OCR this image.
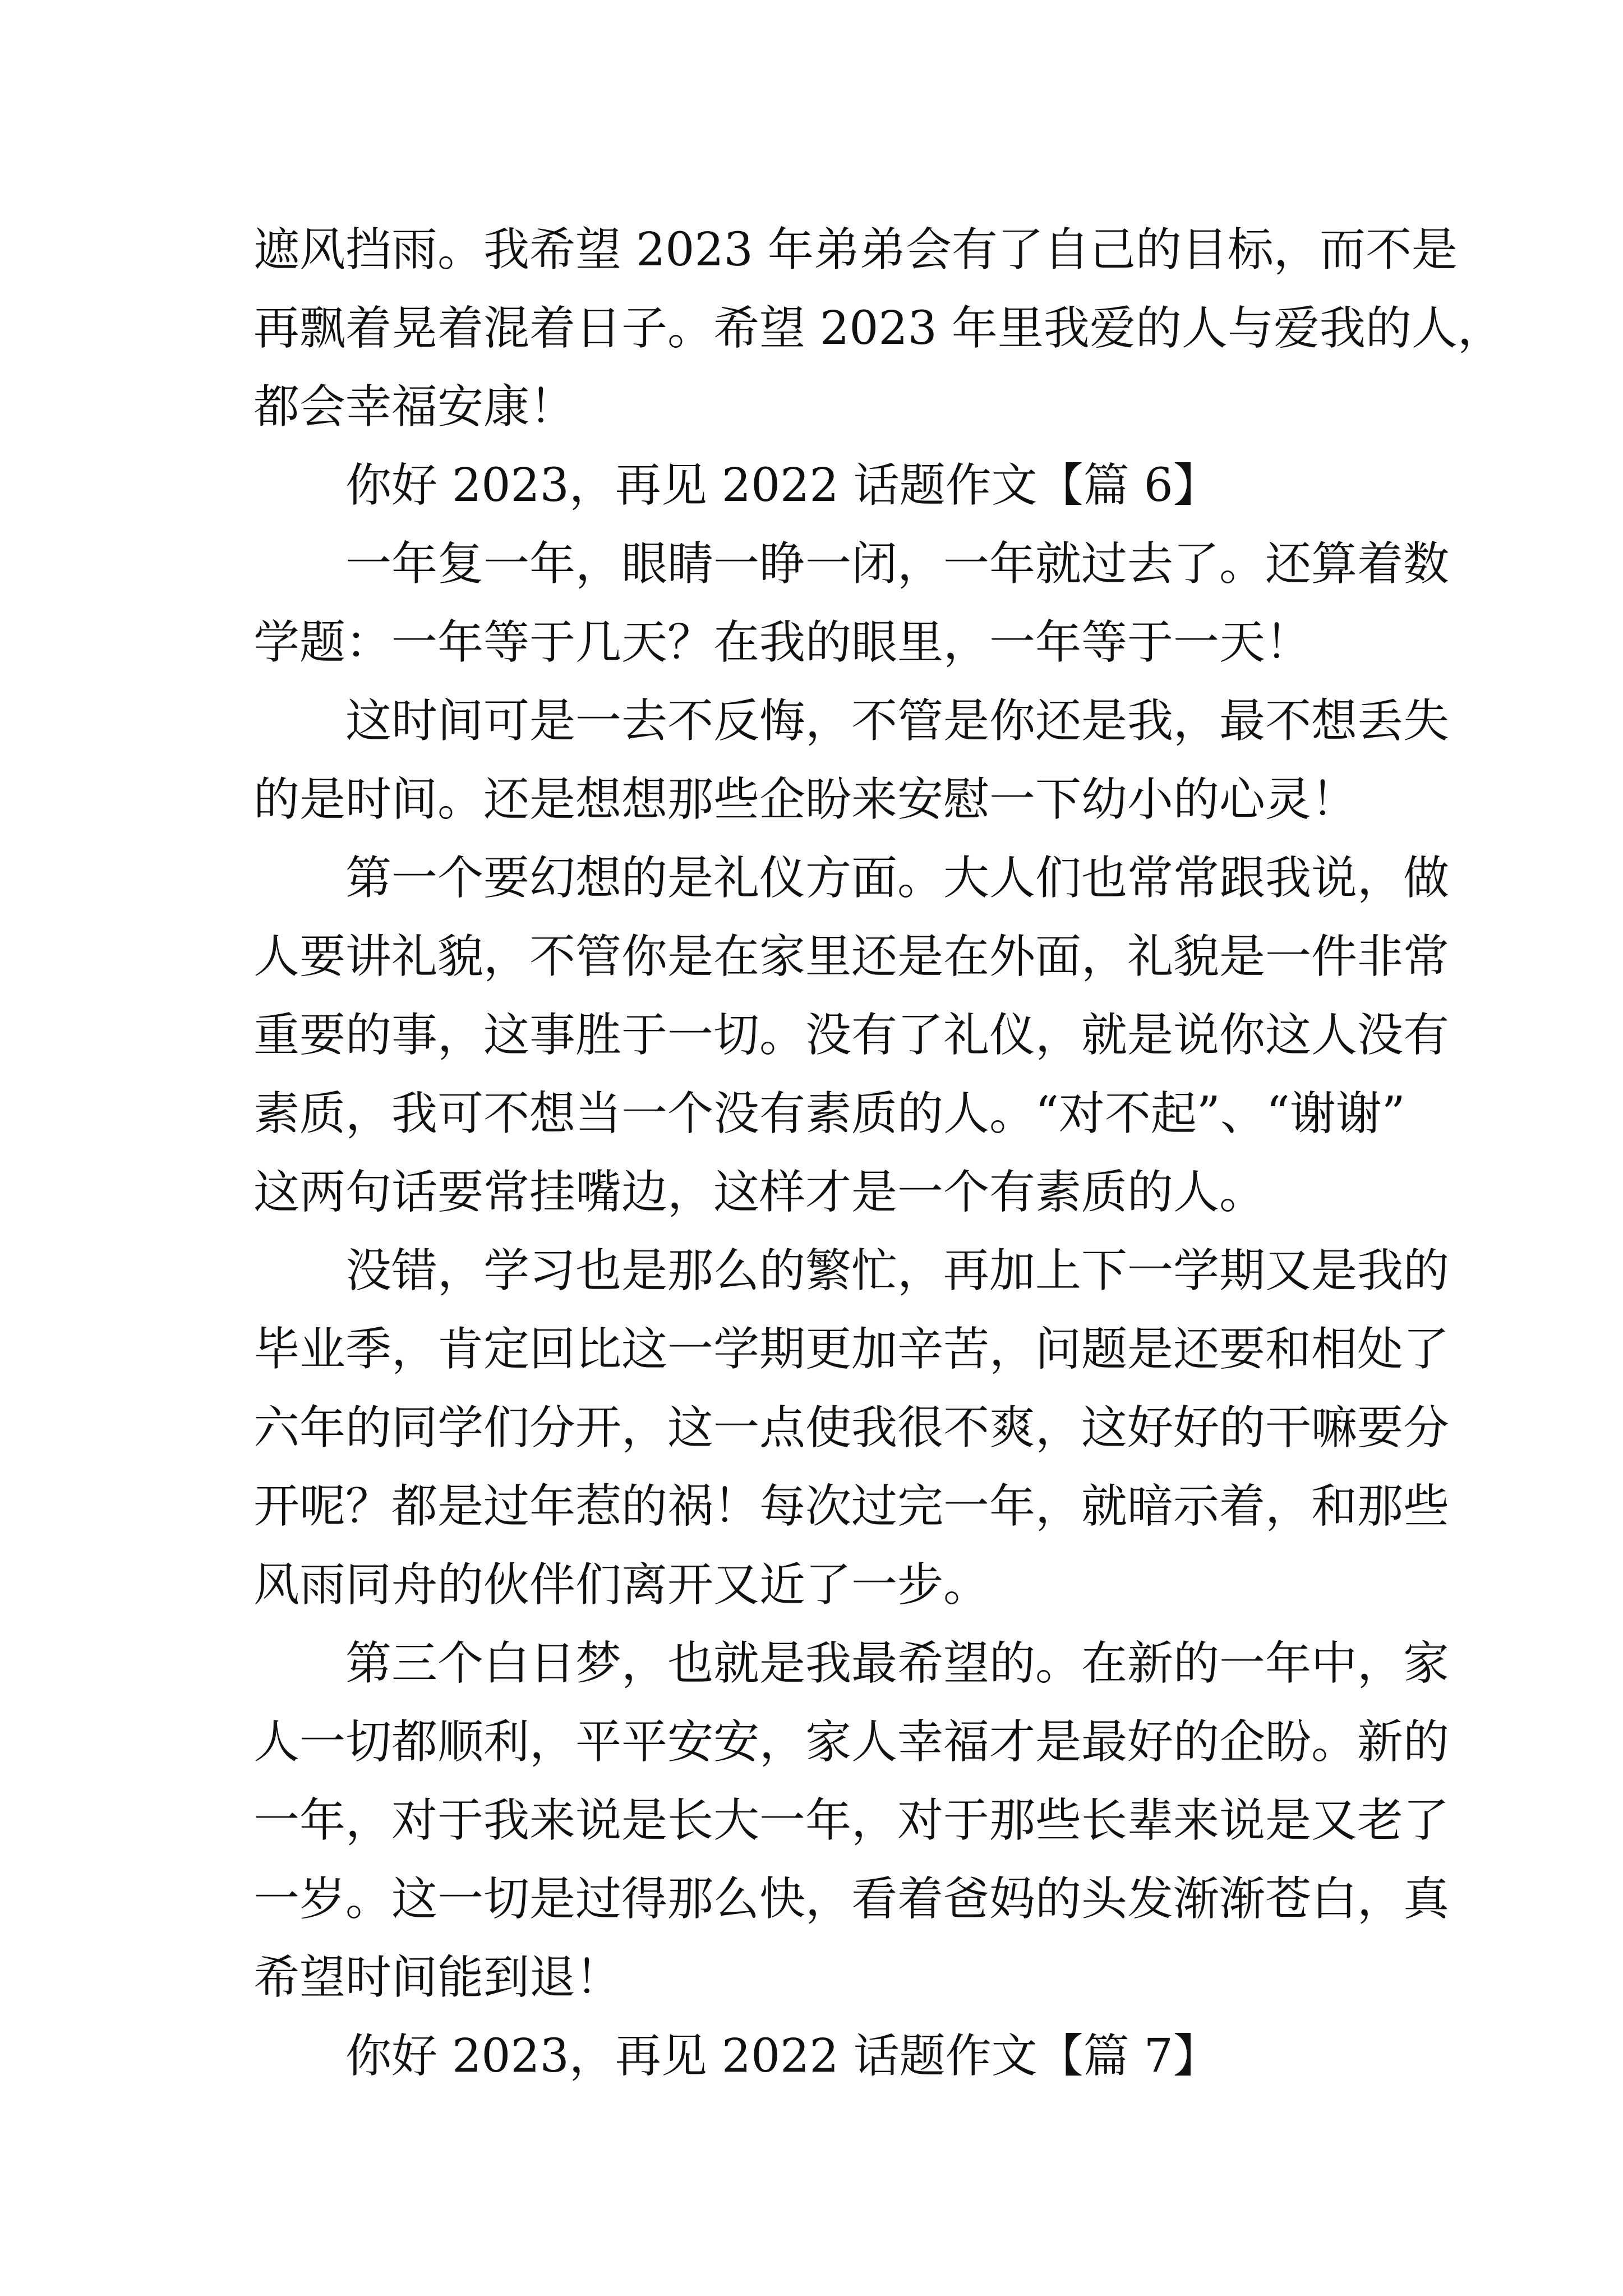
遮风挡雨。我希望 2023 年弟弟会有了自己的目标，而不是
再飘着晃着混着日子。希望 2023 年里我爱的人与爱我的人，
都会幸福安康！
你好 2023，再见 2022 话题作文【篇 6】
一年复一年，眼睛一睁一闭，一年就过去了。还算着数
学题：一年等于几天？在我的眼里，一年等于一天！
这时间可是一去不反悔，不管是你还是我，最不想丢失
的是时间。还是想想那些企盼来安慰一下幼小的心灵！
第一个要幻想的是礼仪方面。大人们也常常跟我说，做
人要讲礼貌，不管你是在家里还是在外面，礼貌是一件非常
重要的事，这事胜于一切。没有了礼仪，就是说你这人没有
素质，我可不想当一个没有素质的人。“对不起”、“谢谢”
这两句话要常挂嘴边，这样才是一个有素质的人。
没错，学习也是那么的繁忙，再加上下一学期又是我的
毕业季，肯定回比这一学期更加辛苦，问题是还要和相处了
六年的同学们分开，这一点使我很不爽，这好好的干嘛要分
开呢？都是过年惹的祸！每次过完一年，就暗示着，和那些
风雨同舟的伙伴们离开又近了一步。
第三个白日梦，也就是我最希望的。在新的一年中，家
人一切都顺利，平平安安，家人幸福才是最好的企盼。新的
一年，对于我来说是长大一年，对于那些长辈来说是又老了
一岁。这一切是过得那么快，看着爸妈的头发渐渐苍白，真
希望时间能到退！
你好 2023，再见 2022 话题作文【篇 7】
